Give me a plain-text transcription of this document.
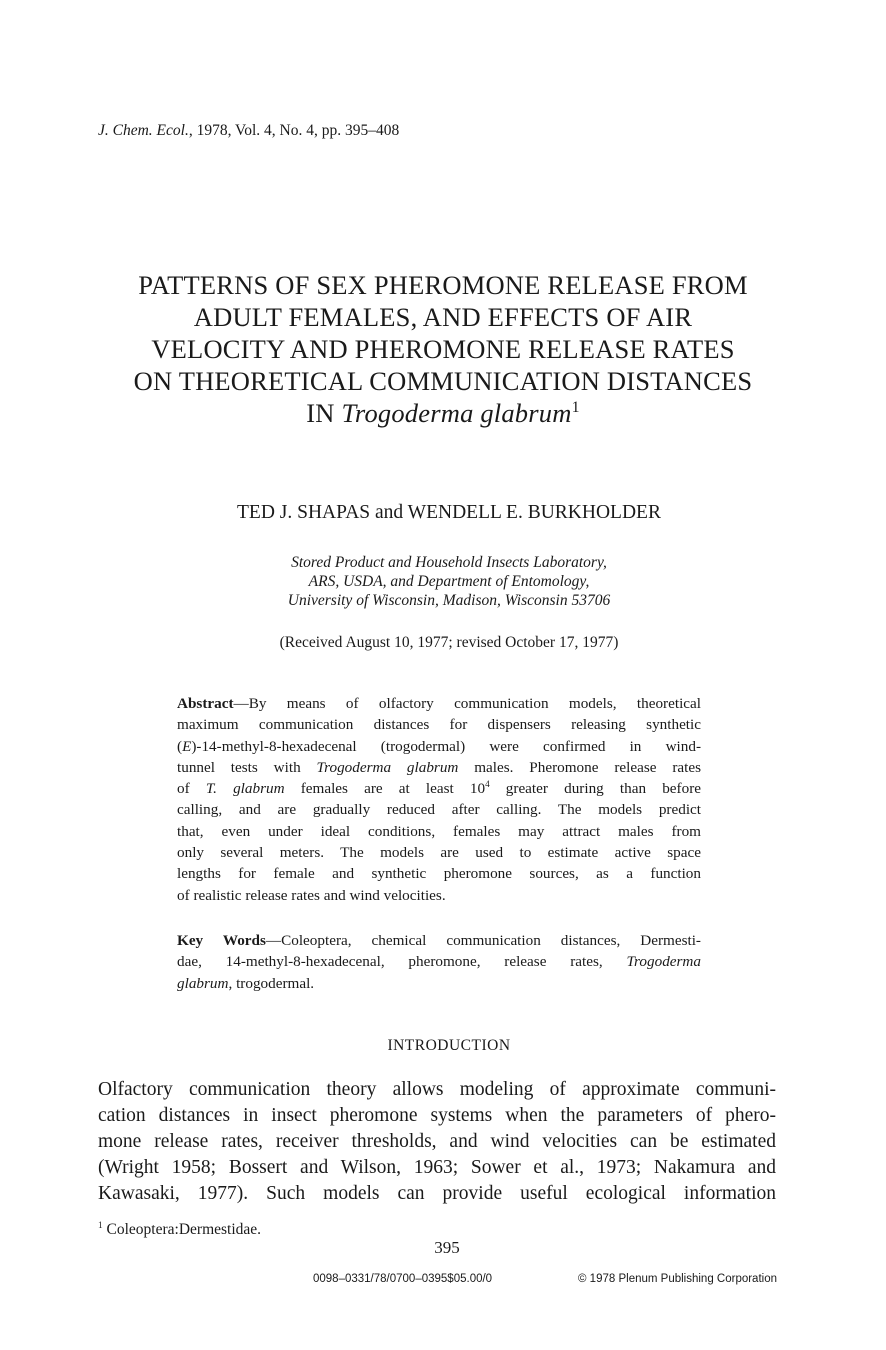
J. Chem. Ecol., 1978, Vol. 4, No. 4, pp. 395–408
PATTERNS OF SEX PHEROMONE RELEASE FROM
ADULT FEMALES, AND EFFECTS OF AIR
VELOCITY AND PHEROMONE RELEASE RATES
ON THEORETICAL COMMUNICATION DISTANCES
IN Trogoderma glabrum$^1$
TED J. SHAPAS and WENDELL E. BURKHOLDER
Stored Product and Household Insects Laboratory,
ARS, USDA, and Department of Entomology,
University of Wisconsin, Madison, Wisconsin 53706
(Received August 10, 1977; revised October 17, 1977)
Abstract—By means of olfactory communication models, theoretical
maximum communication distances for dispensers releasing synthetic
(E)-14-methyl-8-hexadecenal (trogodermal) were confirmed in wind-
tunnel tests with Trogoderma glabrum males. Pheromone release rates
of T. glabrum females are at least $10^4$ greater during than before
calling, and are gradually reduced after calling. The models predict
that, even under ideal conditions, females may attract males from
only several meters. The models are used to estimate active space
lengths for female and synthetic pheromone sources, as a function
of realistic release rates and wind velocities.
Key Words—Coleoptera, chemical communication distances, Dermesti-
dae, 14-methyl-8-hexadecenal, pheromone, release rates, Trogoderma
glabrum, trogodermal.
INTRODUCTION
Olfactory communication theory allows modeling of approximate communi-
cation distances in insect pheromone systems when the parameters of phero-
mone release rates, receiver thresholds, and wind velocities can be estimated
(Wright 1958; Bossert and Wilson, 1963; Sower et al., 1973; Nakamura and
Kawasaki, 1977). Such models can provide useful ecological information
$^1$ Coleoptera:Dermestidae.
395
0098–0331/78/0700–0395$05.00/0	© 1978 Plenum Publishing Corporation
